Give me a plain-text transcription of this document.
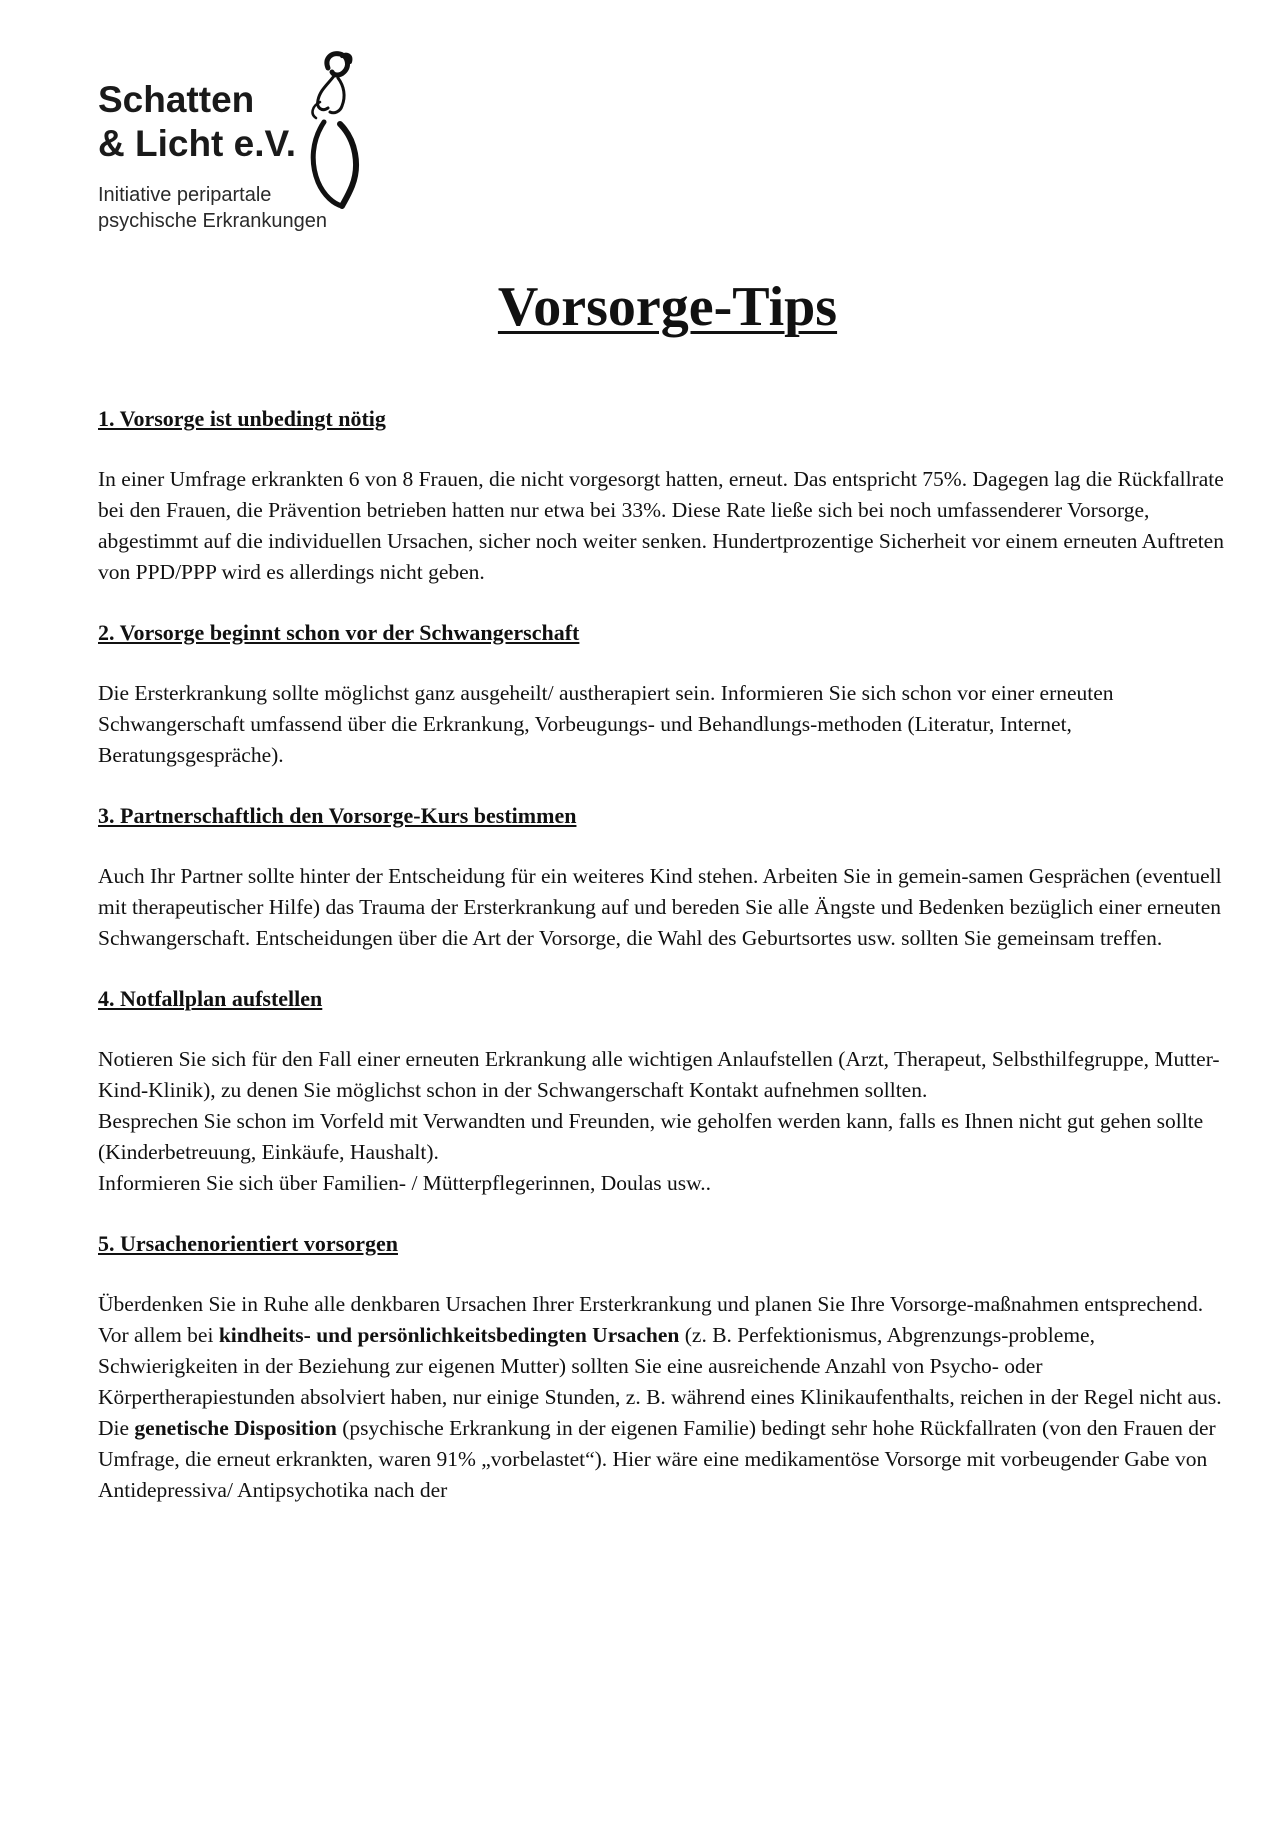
Schatten
& Licht e.V.
Initiative peripartale
psychische Erkrankungen
Vorsorge-Tips

1. Vorsorge ist unbedingt nötig

In einer Umfrage erkrankten 6 von 8 Frauen, die nicht vorgesorgt hatten, erneut. Das entspricht 75%. Dagegen lag die Rückfallrate bei den Frauen, die Prävention betrieben hatten nur etwa bei 33%. Diese Rate ließe sich bei noch umfassenderer Vorsorge, abgestimmt auf die individuellen Ursachen, sicher noch weiter senken. Hundertprozentige Sicherheit vor einem erneuten Auftreten von PPD/PPP wird es allerdings nicht geben.

2. Vorsorge beginnt schon vor der Schwangerschaft

Die Ersterkrankung sollte möglichst ganz ausgeheilt/ austherapiert sein. Informieren Sie sich schon vor einer erneuten Schwangerschaft umfassend über die Erkrankung, Vorbeugungs- und Behandlungs-methoden (Literatur, Internet, Beratungsgespräche).

3. Partnerschaftlich den Vorsorge-Kurs bestimmen

Auch Ihr Partner sollte hinter der Entscheidung für ein weiteres Kind stehen. Arbeiten Sie in gemein-samen Gesprächen (eventuell mit therapeutischer Hilfe) das Trauma der Ersterkrankung auf und bereden Sie alle Ängste und Bedenken bezüglich einer erneuten Schwangerschaft. Entscheidungen über die Art der Vorsorge, die Wahl des Geburtsortes usw. sollten Sie gemeinsam treffen.

4. Notfallplan aufstellen

Notieren Sie sich für den Fall einer erneuten Erkrankung alle wichtigen Anlaufstellen (Arzt, Therapeut, Selbsthilfegruppe, Mutter-Kind-Klinik), zu denen Sie möglichst schon in der Schwangerschaft Kontakt aufnehmen sollten.

Besprechen Sie schon im Vorfeld mit Verwandten und Freunden, wie geholfen werden kann, falls es Ihnen nicht gut gehen sollte (Kinderbetreuung, Einkäufe, Haushalt).

Informieren Sie sich über Familien- / Mütterpflegerinnen, Doulas usw..

5. Ursachenorientiert vorsorgen

Überdenken Sie in Ruhe alle denkbaren Ursachen Ihrer Ersterkrankung und planen Sie Ihre Vorsorge-maßnahmen entsprechend.

Vor allem bei kindheits- und persönlichkeitsbedingten Ursachen (z. B. Perfektionismus, Abgrenzungs-probleme, Schwierigkeiten in der Beziehung zur eigenen Mutter) sollten Sie eine ausreichende Anzahl von Psycho- oder Körpertherapiestunden absolviert haben, nur einige Stunden, z. B. während eines Klinikaufenthalts, reichen in der Regel nicht aus.

Die genetische Disposition (psychische Erkrankung in der eigenen Familie) bedingt sehr hohe Rückfallraten (von den Frauen der Umfrage, die erneut erkrankten, waren 91% „vorbelastet“). Hier wäre eine medikamentöse Vorsorge mit vorbeugender Gabe von Antidepressiva/ Antipsychotika nach der
